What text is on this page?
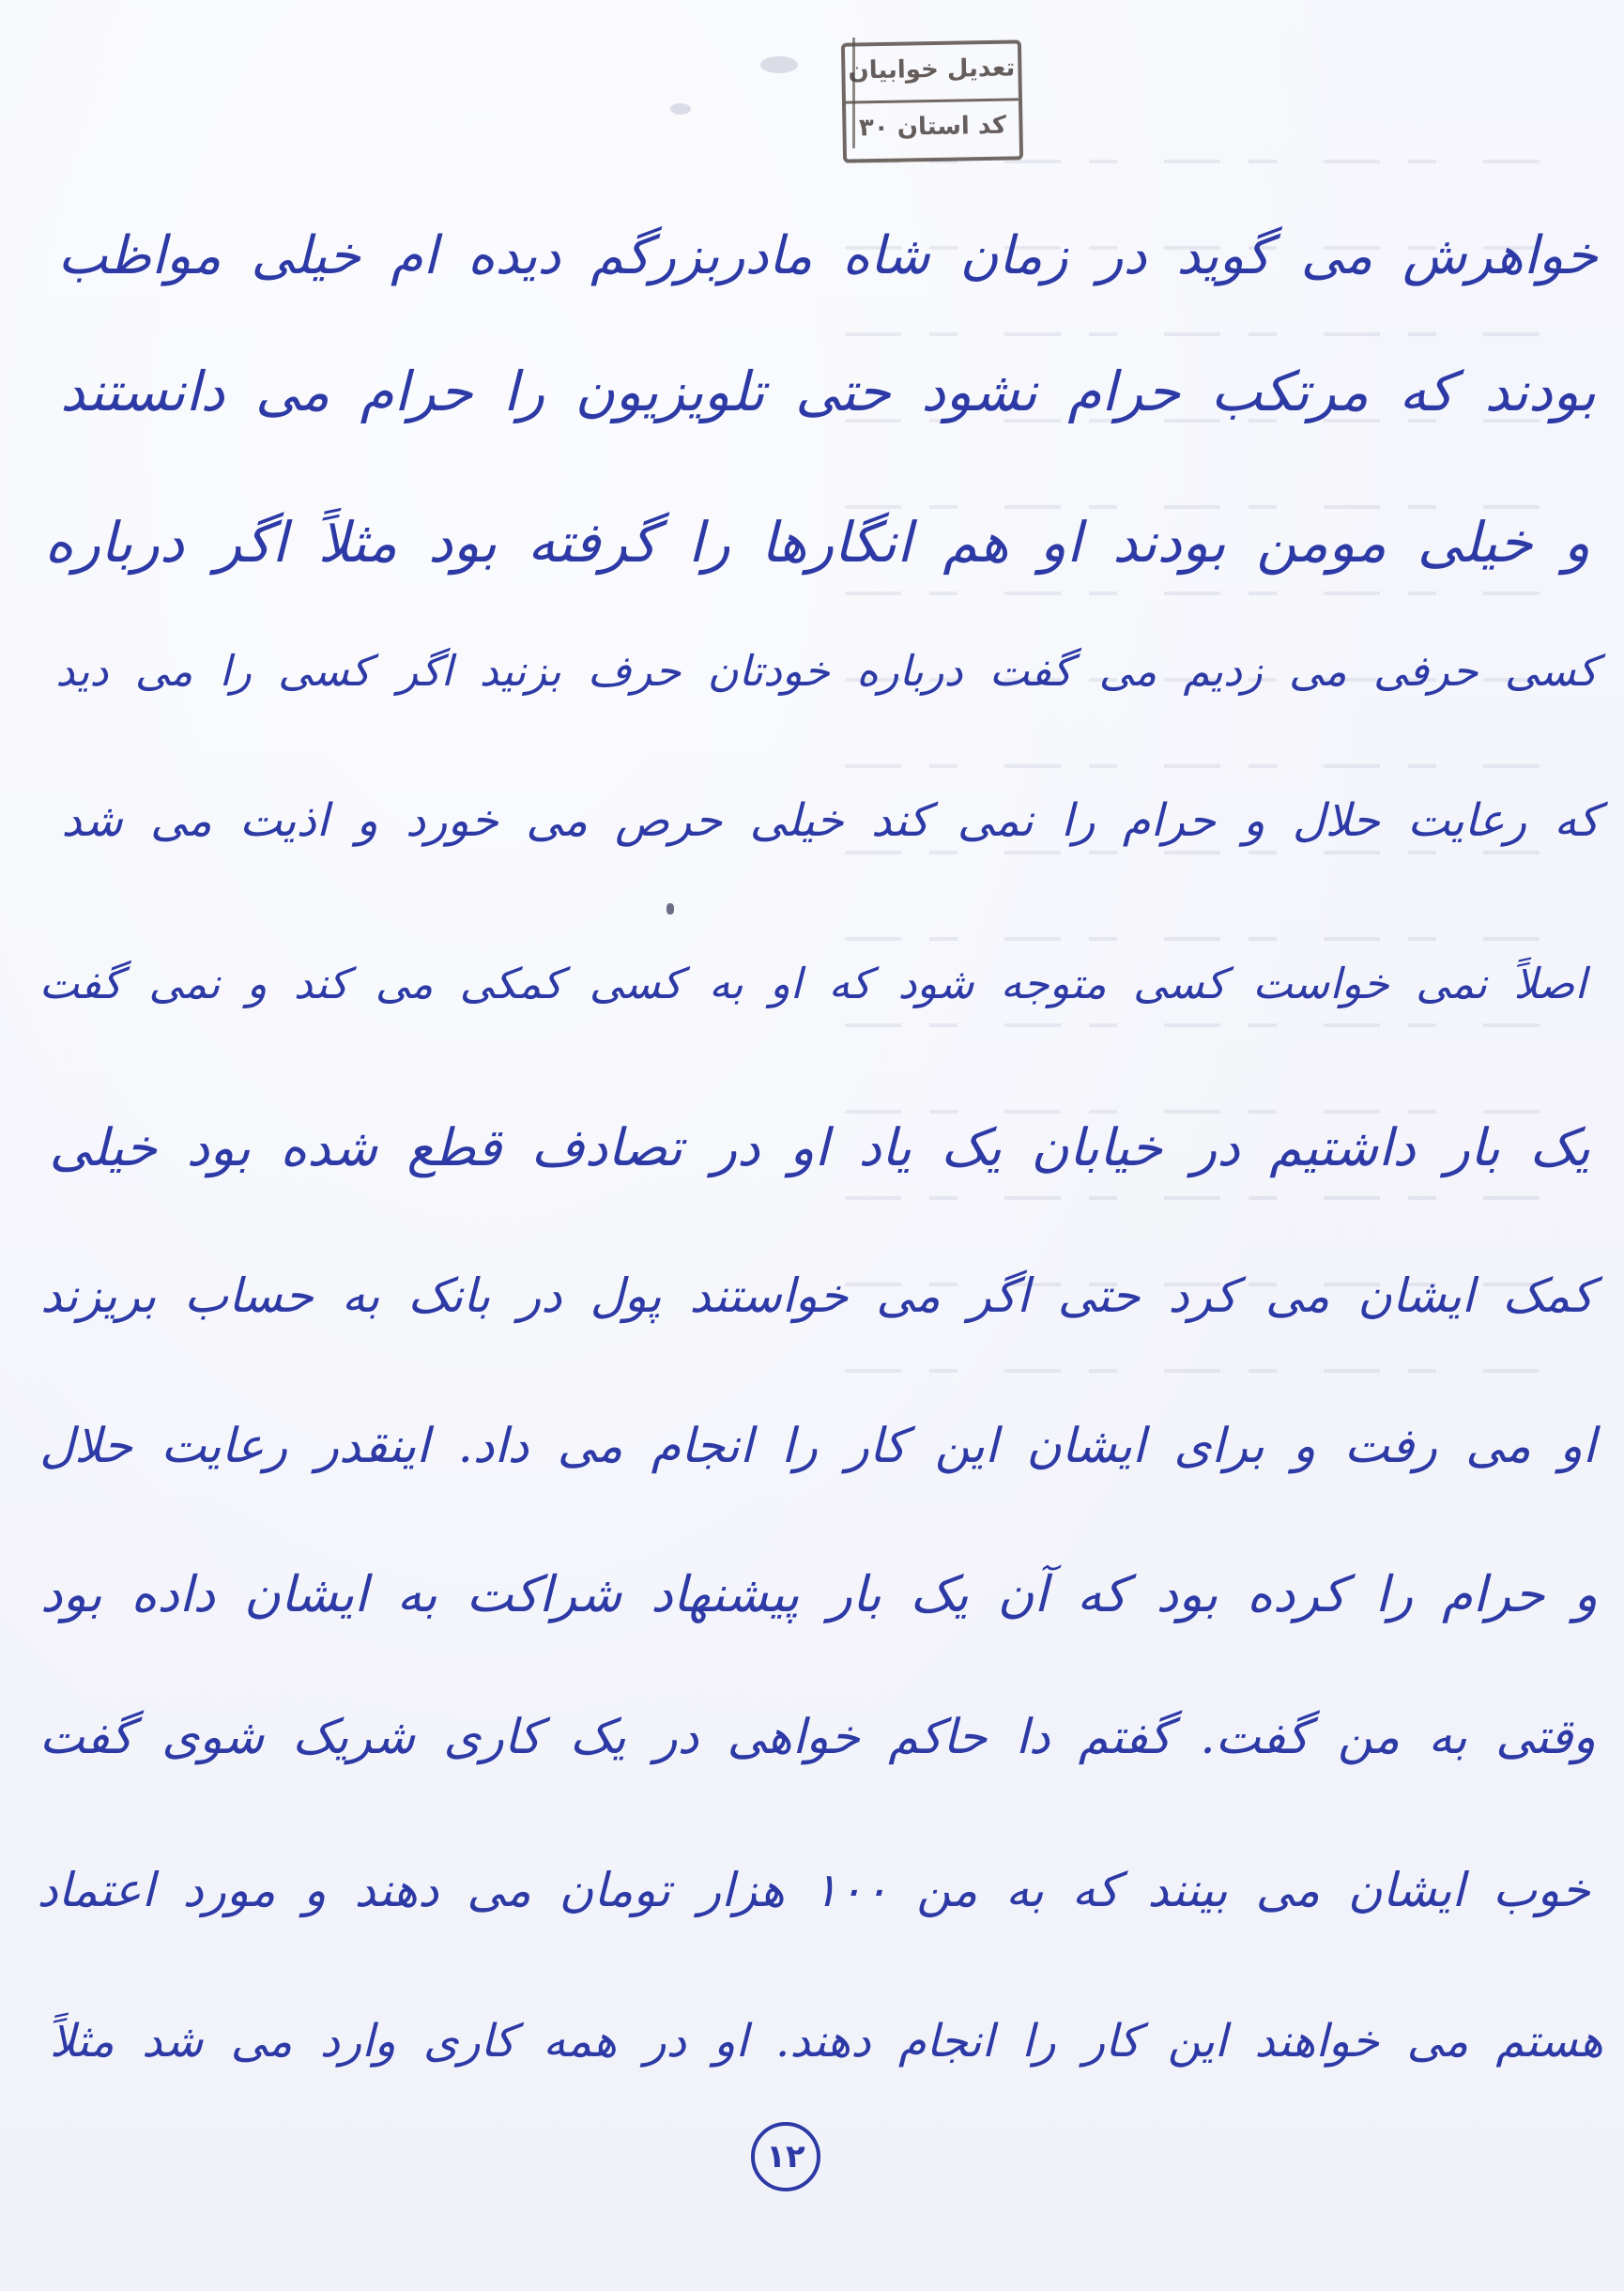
تعدیل خوابیان
کد استان ۳۰
خواهرش می گوید در زمان شاه مادربزرگم دیده ام خیلی مواظب
بودند که مرتکب حرام نشود حتی تلویزیون را حرام می دانستند
و خیلی مومن بودند او هم انگارها را گرفته بود مثلاً اگر درباره
کسی حرفی می زدیم می گفت درباره خودتان حرف بزنید اگر کسی را می دید
که رعایت حلال و حرام را نمی کند خیلی حرص می خورد و اذیت می شد
اصلاً نمی خواست کسی متوجه شود که او به کسی کمکی می کند و نمی گفت
یک بار داشتیم در خیابان یک یاد او در تصادف قطع شده بود خیلی
کمک ایشان می کرد حتی اگر می خواستند پول در بانک به حساب بریزند
او می رفت و برای ایشان این کار را انجام می داد. اینقدر رعایت حلال
و حرام را کرده بود که آن یک بار پیشنهاد شراکت به ایشان داده بود
وقتی به من گفت. گفتم دا حاکم خواهی در یک کاری شریک شوی گفت
خوب ایشان می بینند که به من ۱۰۰ هزار تومان می دهند و مورد اعتماد
هستم می خواهند این کار را انجام دهند. او در همه کاری وارد می شد مثلاً
۱۲
